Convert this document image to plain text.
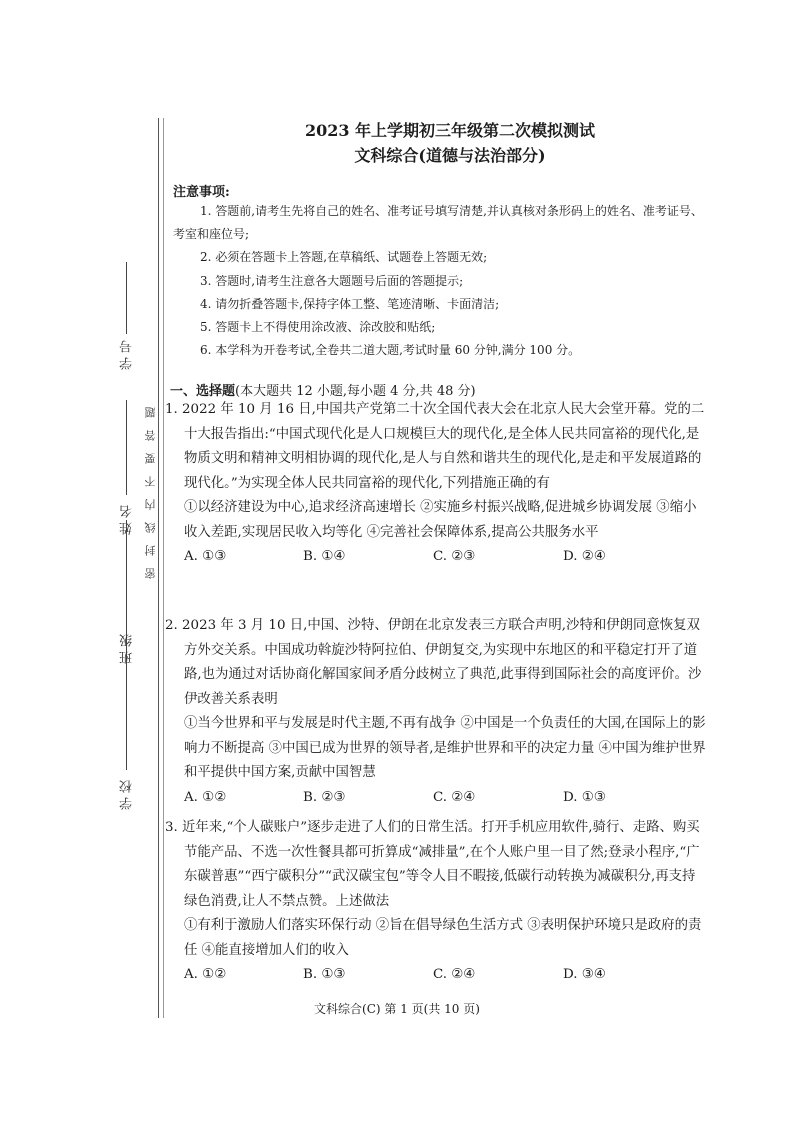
学 校
班 级
姓 名
学 号
密封线内不要答题
2023 年上学期初三年级第二次模拟测试
文科综合(道德与法治部分)
注意事项:
1. 答题前,请考生先将自己的姓名、准考证号填写清楚,并认真核对条形码上的姓名、准考证号、考室和座位号;
2. 必须在答题卡上答题,在草稿纸、试题卷上答题无效;
3. 答题时,请考生注意各大题题号后面的答题提示;
4. 请勿折叠答题卡,保持字体工整、笔迹清晰、卡面清洁;
5. 答题卡上不得使用涂改液、涂改胶和贴纸;
6. 本学科为开卷考试,全卷共二道大题,考试时量 60 分钟,满分 100 分。
一、选择题(本大题共 12 小题,每小题 4 分,共 48 分)
1. 2022 年 10 月 16 日,中国共产党第二十次全国代表大会在北京人民大会堂开幕。党的二十大报告指出:“中国式现代化是人口规模巨大的现代化,是全体人民共同富裕的现代化,是物质文明和精神文明相协调的现代化,是人与自然和谐共生的现代化,是走和平发展道路的现代化。”为实现全体人民共同富裕的现代化,下列措施正确的有
①以经济建设为中心,追求经济高速增长 ②实施乡村振兴战略,促进城乡协调发展 ③缩小收入差距,实现居民收入均等化 ④完善社会保障体系,提高公共服务水平
A. ①③	B. ①④	C. ②③	D. ②④
2. 2023 年 3 月 10 日,中国、沙特、伊朗在北京发表三方联合声明,沙特和伊朗同意恢复双方外交关系。中国成功斡旋沙特阿拉伯、伊朗复交,为实现中东地区的和平稳定打开了道路,也为通过对话协商化解国家间矛盾分歧树立了典范,此事得到国际社会的高度评价。沙伊改善关系表明
①当今世界和平与发展是时代主题,不再有战争 ②中国是一个负责任的大国,在国际上的影响力不断提高 ③中国已成为世界的领导者,是维护世界和平的决定力量 ④中国为维护世界和平提供中国方案,贡献中国智慧
A. ①②	B. ②③	C. ②④	D. ①③
3. 近年来,“个人碳账户”逐步走进了人们的日常生活。打开手机应用软件,骑行、走路、购买节能产品、不选一次性餐具都可折算成“减排量”,在个人账户里一目了然;登录小程序,“广东碳普惠”“西宁碳积分”“武汉碳宝包”等令人目不暇接,低碳行动转换为减碳积分,再支持绿色消费,让人不禁点赞。上述做法
①有利于激励人们落实环保行动 ②旨在倡导绿色生活方式 ③表明保护环境只是政府的责任 ④能直接增加人们的收入
A. ①②	B. ①③	C. ②④	D. ③④
文科综合(C) 第 1 页(共 10 页)
